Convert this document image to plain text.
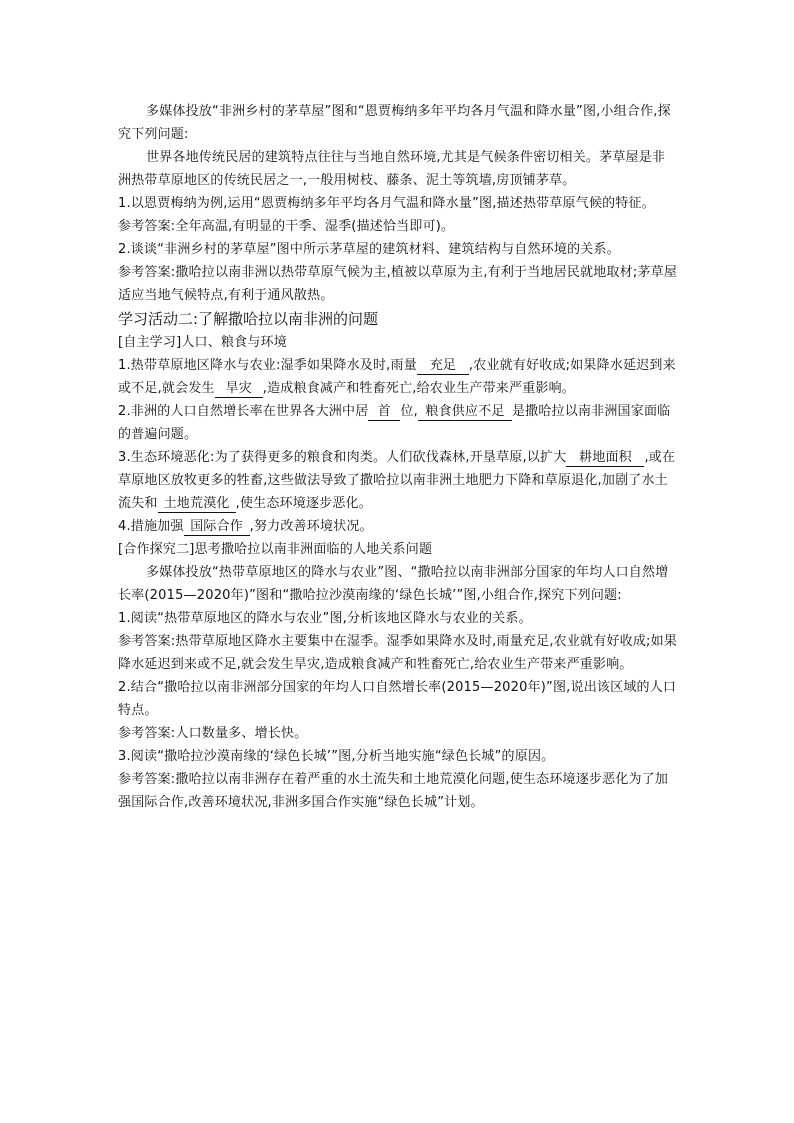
多媒体投放“非洲乡村的茅草屋”图和“恩贾梅纳多年平均各月气温和降水量”图,小组合作,探究下列问题:

世界各地传统民居的建筑特点往往与当地自然环境,尤其是气候条件密切相关。茅草屋是非洲热带草原地区的传统民居之一,一般用树枝、藤条、泥土等筑墙,房顶铺茅草。

1.以恩贾梅纳为例,运用“恩贾梅纳多年平均各月气温和降水量”图,描述热带草原气候的特征。

参考答案:全年高温,有明显的干季、湿季(描述恰当即可)。

2.谈谈“非洲乡村的茅草屋”图中所示茅草屋的建筑材料、建筑结构与自然环境的关系。

参考答案:撒哈拉以南非洲以热带草原气候为主,植被以草原为主,有利于当地居民就地取材;茅草屋适应当地气候特点,有利于通风散热。

学习活动二:了解撒哈拉以南非洲的问题

[自主学习]人口、粮食与环境

1.热带草原地区降水与农业:湿季如果降水及时,雨量 充足 ,农业就有好收成;如果降水延迟到来或不足,就会发生 旱灾 ,造成粮食减产和牲畜死亡,给农业生产带来严重影响。

2.非洲的人口自然增长率在世界各大洲中居 首 位, 粮食供应不足 是撒哈拉以南非洲国家面临的普遍问题。

3.生态环境恶化:为了获得更多的粮食和肉类。人们砍伐森林,开垦草原,以扩大 耕地面积 ,或在草原地区放牧更多的牲畜,这些做法导致了撒哈拉以南非洲土地肥力下降和草原退化,加剧了水土流失和 土地荒漠化 ,使生态环境逐步恶化。

4.措施加强 国际合作 ,努力改善环境状况。

[合作探究二]思考撒哈拉以南非洲面临的人地关系问题

多媒体投放“热带草原地区的降水与农业”图、“撒哈拉以南非洲部分国家的年均人口自然增长率(2015—2020年)”图和“撒哈拉沙漠南缘的‘绿色长城’”图,小组合作,探究下列问题:

1.阅读“热带草原地区的降水与农业”图,分析该地区降水与农业的关系。

参考答案:热带草原地区降水主要集中在湿季。湿季如果降水及时,雨量充足,农业就有好收成;如果降水延迟到来或不足,就会发生旱灾,造成粮食减产和牲畜死亡,给农业生产带来严重影响。

2.结合“撒哈拉以南非洲部分国家的年均人口自然增长率(2015—2020年)”图,说出该区域的人口特点。

参考答案:人口数量多、增长快。

3.阅读“撒哈拉沙漠南缘的‘绿色长城’”图,分析当地实施“绿色长城”的原因。

参考答案:撒哈拉以南非洲存在着严重的水土流失和土地荒漠化问题,使生态环境逐步恶化为了加强国际合作,改善环境状况,非洲多国合作实施“绿色长城”计划。
